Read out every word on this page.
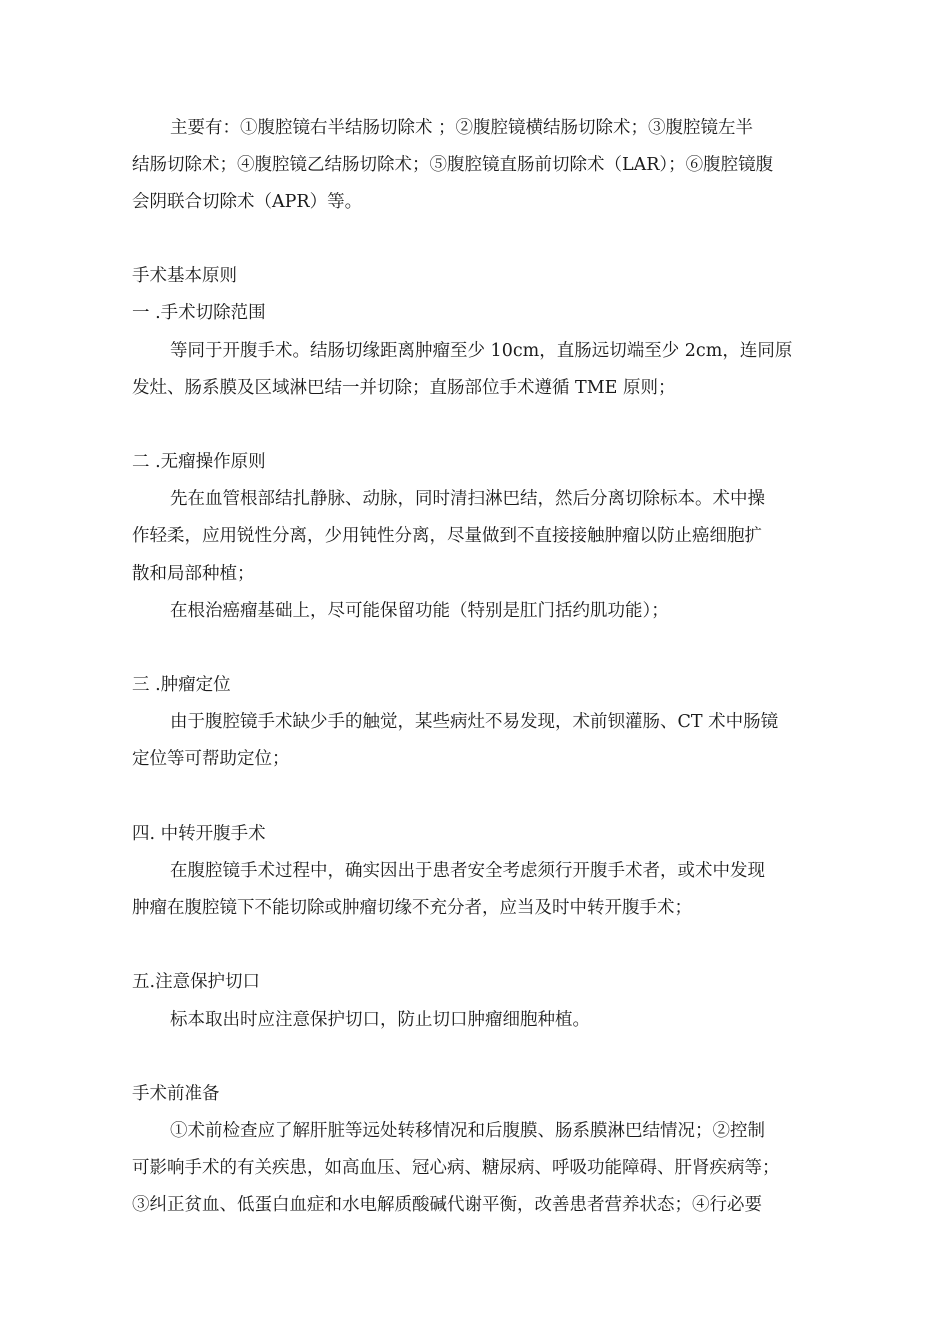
主要有：①腹腔镜右半结肠切除术 ；②腹腔镜横结肠切除术；③腹腔镜左半
结肠切除术；④腹腔镜乙结肠切除术；⑤腹腔镜直肠前切除术（LAR）；⑥腹腔镜腹
会阴联合切除术（APR）等。
手术基本原则
一 .手术切除范围
等同于开腹手术。结肠切缘距离肿瘤至少 10cm，直肠远切端至少 2cm，连同原
发灶、肠系膜及区域淋巴结一并切除；直肠部位手术遵循 TME 原则；
二 .无瘤操作原则
先在血管根部结扎静脉、动脉，同时清扫淋巴结，然后分离切除标本。术中操
作轻柔，应用锐性分离，少用钝性分离，尽量做到不直接接触肿瘤以防止癌细胞扩
散和局部种植；
在根治癌瘤基础上，尽可能保留功能（特别是肛门括约肌功能）；
三 .肿瘤定位
由于腹腔镜手术缺少手的触觉，某些病灶不易发现，术前钡灌肠、CT 术中肠镜
定位等可帮助定位；
四. 中转开腹手术
在腹腔镜手术过程中，确实因出于患者安全考虑须行开腹手术者，或术中发现
肿瘤在腹腔镜下不能切除或肿瘤切缘不充分者，应当及时中转开腹手术；
五.注意保护切口
标本取出时应注意保护切口，防止切口肿瘤细胞种植。
手术前准备
①术前检查应了解肝脏等远处转移情况和后腹膜、肠系膜淋巴结情况；②控制
可影响手术的有关疾患，如高血压、冠心病、糖尿病、呼吸功能障碍、肝肾疾病等；
③纠正贫血、低蛋白血症和水电解质酸碱代谢平衡，改善患者营养状态；④行必要
